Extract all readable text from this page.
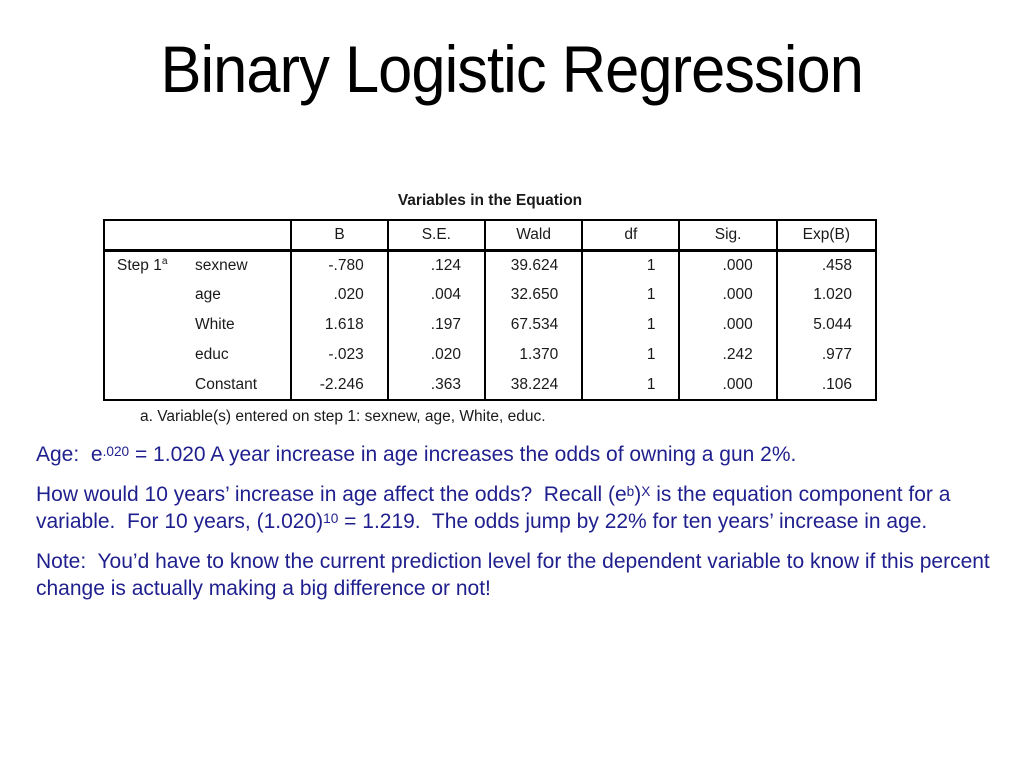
Binary Logistic Regression
Variables in the Equation
	B	S.E.	Wald	df	Sig.	Exp(B)

Step 1$^a$ sexnew	-.780	.124	39.624	1	.000	.458
age	.020	.004	32.650	1	.000	1.020
White	1.618	.197	67.534	1	.000	5.044
educ	-.023	.020	1.370	1	.242	.977
Constant	-2.246	.363	38.224	1	.000	.106
a. Variable(s) entered on step 1: sexnew, age, White, educ.
Age:  $e^{.020} = 1.020$ A year increase in age increases the odds of owning a gun 2%.
How would 10 years’ increase in age affect the odds?  Recall $(e^b)^X$ is the equation component for a variable.  For 10 years, $(1.020)^{10} = 1.219$.  The odds jump by 22% for ten years’ increase in age.
Note:  You’d have to know the current prediction level for the dependent variable to know if this percent change is actually making a big difference or not!
